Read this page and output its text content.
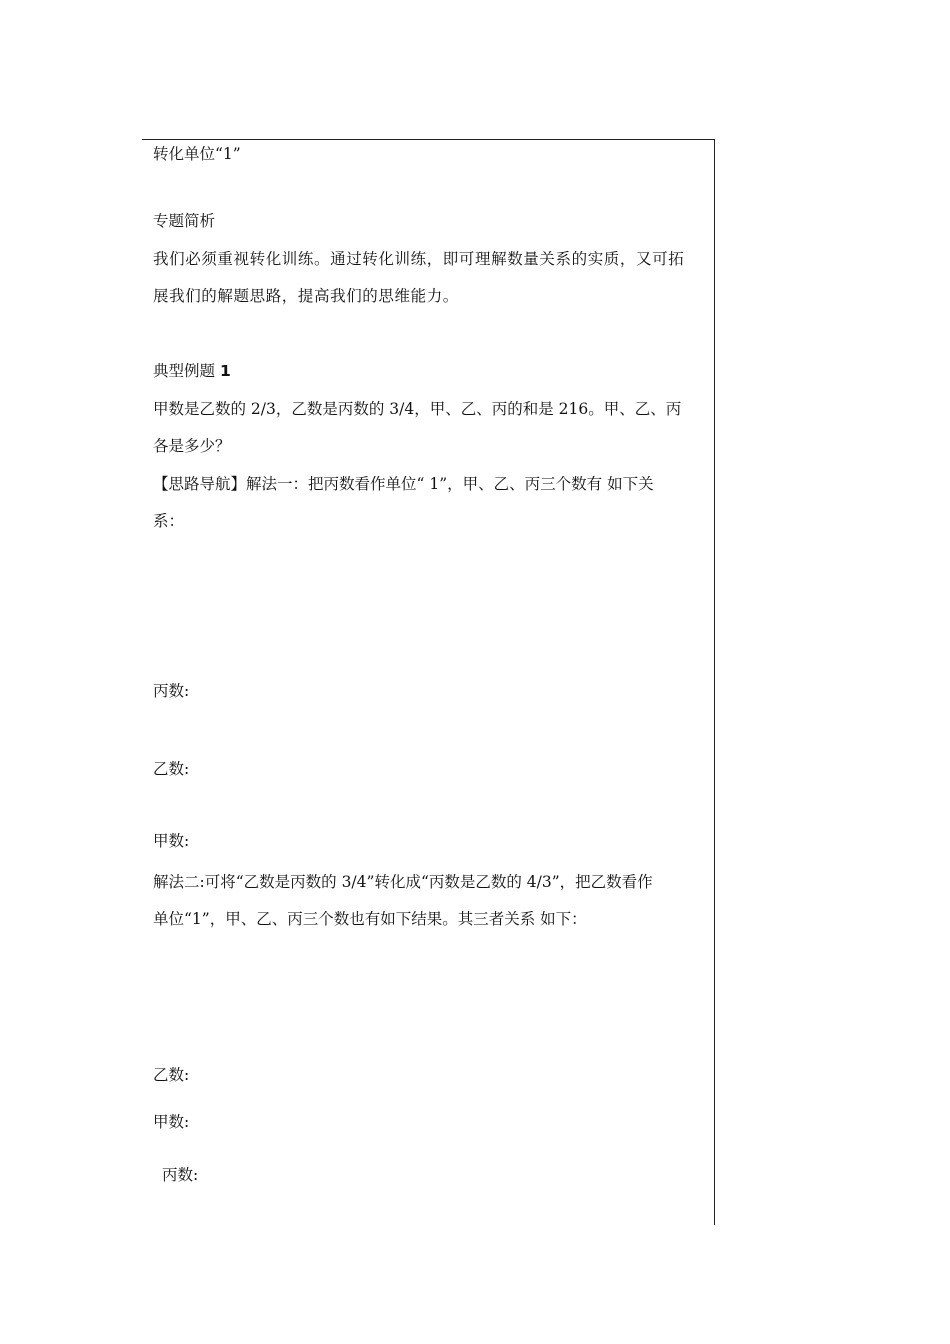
转化单位“1”
专题简析
我们必须重视转化训练。通过转化训练，即可理解数量关系的实质，又可拓
展我们的解题思路，提高我们的思维能力。
典型例题 1
甲数是乙数的 2/3，乙数是丙数的 3/4，甲、乙、丙的和是 216。甲、乙、丙
各是多少？
【思路导航】解法一：把丙数看作单位“ 1”，甲、乙、丙三个数有 如下关
系：
丙数:
乙数:
甲数:
解法二:可将“乙数是丙数的 3/4”转化成“丙数是乙数的 4/3”，把乙数看作
单位“1”，甲、乙、丙三个数也有如下结果。其三者关系 如下：
乙数:
甲数:
丙数:
